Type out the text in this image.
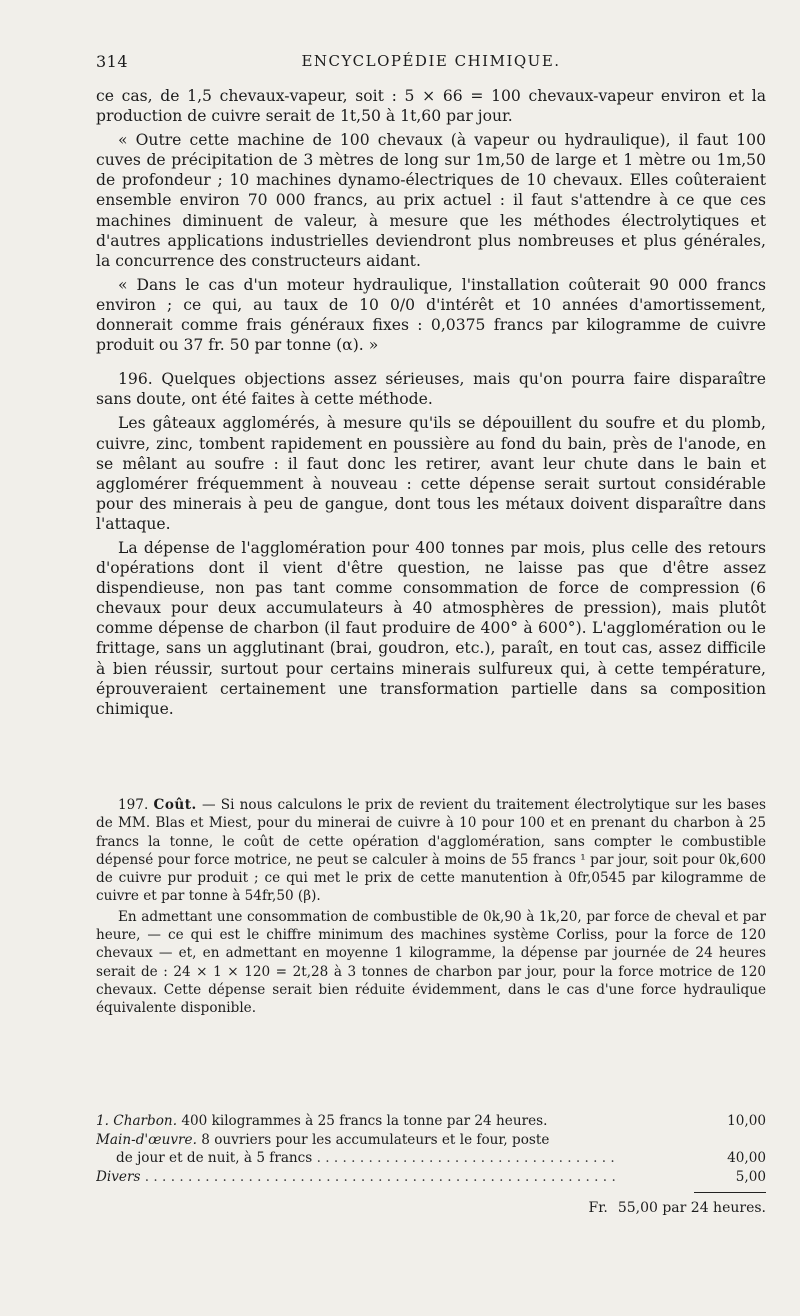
314	ENCYCLOPÉDIE CHIMIQUE.

ce cas, de 1,5 chevaux-vapeur, soit : 5 × 66 = 100 chevaux-vapeur environ et la production de cuivre serait de 1t,50 à 1t,60 par jour.

« Outre cette machine de 100 chevaux (à vapeur ou hydraulique), il faut 100 cuves de précipitation de 3 mètres de long sur 1m,50 de large et 1 mètre ou 1m,50 de profondeur ; 10 machines dynamo-électriques de 10 chevaux. Elles coûteraient ensemble environ 70 000 francs, au prix actuel : il faut s'attendre à ce que ces machines diminuent de valeur, à mesure que les méthodes électrolytiques et d'autres applications industrielles deviendront plus nombreuses et plus générales, la concurrence des constructeurs aidant.

« Dans le cas d'un moteur hydraulique, l'installation coûterait 90 000 francs environ ; ce qui, au taux de 10 0/0 d'intérêt et 10 années d'amortissement, donnerait comme frais généraux fixes : 0,0375 francs par kilogramme de cuivre produit ou 37 fr. 50 par tonne (α). »

196. Quelques objections assez sérieuses, mais qu'on pourra faire disparaître sans doute, ont été faites à cette méthode.

Les gâteaux agglomérés, à mesure qu'ils se dépouillent du soufre et du plomb, cuivre, zinc, tombent rapidement en poussière au fond du bain, près de l'anode, en se mêlant au soufre : il faut donc les retirer, avant leur chute dans le bain et agglomérer fréquemment à nouveau : cette dépense serait surtout considérable pour des minerais à peu de gangue, dont tous les métaux doivent disparaître dans l'attaque.

La dépense de l'agglomération pour 400 tonnes par mois, plus celle des retours d'opérations dont il vient d'être question, ne laisse pas que d'être assez dispendieuse, non pas tant comme consommation de force de compression (6 chevaux pour deux accumulateurs à 40 atmosphères de pression), mais plutôt comme dépense de charbon (il faut produire de 400° à 600°). L'agglomération ou le frittage, sans un agglutinant (brai, goudron, etc.), paraît, en tout cas, assez difficile à bien réussir, surtout pour certains minerais sulfureux qui, à cette température, éprouveraient certainement une transformation partielle dans sa composition chimique.

197. Coût. — Si nous calculons le prix de revient du traitement électrolytique sur les bases de MM. Blas et Miest, pour du minerai de cuivre à 10 pour 100 et en prenant du charbon à 25 francs la tonne, le coût de cette opération d'agglomération, sans compter le combustible dépensé pour force motrice, ne peut se calculer à moins de 55 francs ¹ par jour, soit pour 0k,600 de cuivre pur produit ; ce qui met le prix de cette manutention à 0fr,0545 par kilogramme de cuivre et par tonne à 54fr,50 (β).

En admettant une consommation de combustible de 0k,90 à 1k,20, par force de cheval et par heure, — ce qui est le chiffre minimum des machines système Corliss, pour la force de 120 chevaux — et, en admettant en moyenne 1 kilogramme, la dépense par journée de 24 heures serait de : 24 × 1 × 120 = 2t,28 à 3 tonnes de charbon par jour, pour la force motrice de 120 chevaux. Cette dépense serait bien réduite évidemment, dans le cas d'une force hydraulique équivalente disponible.

1. Charbon. 400 kilogrammes à 25 francs la tonne par 24 heures.	10,00
Main-d'œuvre. 8 ouvriers pour les accumulateurs et le four, poste
de jour et de nuit, à 5 francs . . . . . . . . . . . . . . . . . . . . . . . . . . . . . . . . . . .	40,00
Divers . . . . . . . . . . . . . . . . . . . . . . . . . . . . . . . . . . . . . . . . . . . . . . . . . . . . . . .	5,00
Fr. 55,00 par 24 heures.
